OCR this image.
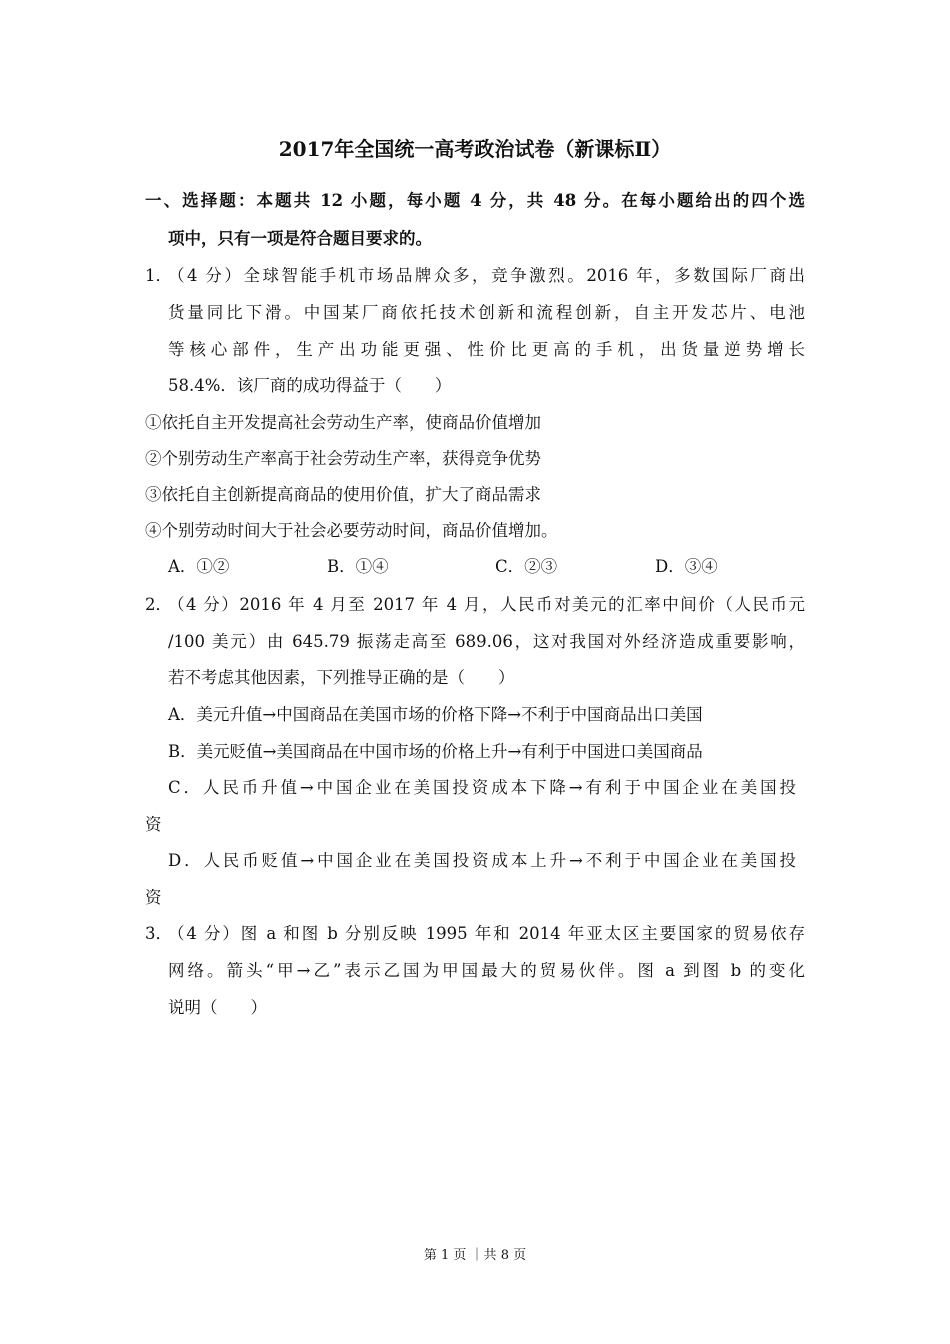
2017年全国统一高考政治试卷（新课标Ⅱ）
一、选择题：本题共 12 小题，每小题 4 分，共 48 分。在每小题给出的四个选
项中，只有一项是符合题目要求的。
1．
（4 分）全球智能手机市场品牌众多，竞争激烈。2016 年，多数国际厂商出
货量同比下滑。中国某厂商依托技术创新和流程创新，自主开发芯片、电池
等核心部件，生产出功能更强、性价比更高的手机，出货量逆势增长
58.4%．该厂商的成功得益于（　　）
①依托自主开发提高社会劳动生产率，使商品价值增加
②个别劳动生产率高于社会劳动生产率，获得竞争优势
③依托自主创新提高商品的使用价值，扩大了商品需求
④个别劳动时间大于社会必要劳动时间，商品价值增加。
A．①②	B．①④	C．②③	D．③④
2．
（4 分）2016 年 4 月至 2017 年 4 月，人民币对美元的汇率中间价（人民币元
/100 美元）由 645.79 振荡走高至 689.06，这对我国对外经济造成重要影响，
若不考虑其他因素，下列推导正确的是（　　）
A．美元升值→中国商品在美国市场的价格下降→不利于中国商品出口美国
B．美元贬值→美国商品在中国市场的价格上升→有利于中国进口美国商品
C．人民币升值→中国企业在美国投资成本下降→有利于中国企业在美国投
资
D．人民币贬值→中国企业在美国投资成本上升→不利于中国企业在美国投
资
3．
（4 分）图 a 和图 b 分别反映 1995 年和 2014 年亚太区主要国家的贸易依存
网络。箭头“甲→乙”表示乙国为甲国最大的贸易伙伴。图 a 到图 b 的变化
说明（　　）
第 1 页 ｜共 8 页
